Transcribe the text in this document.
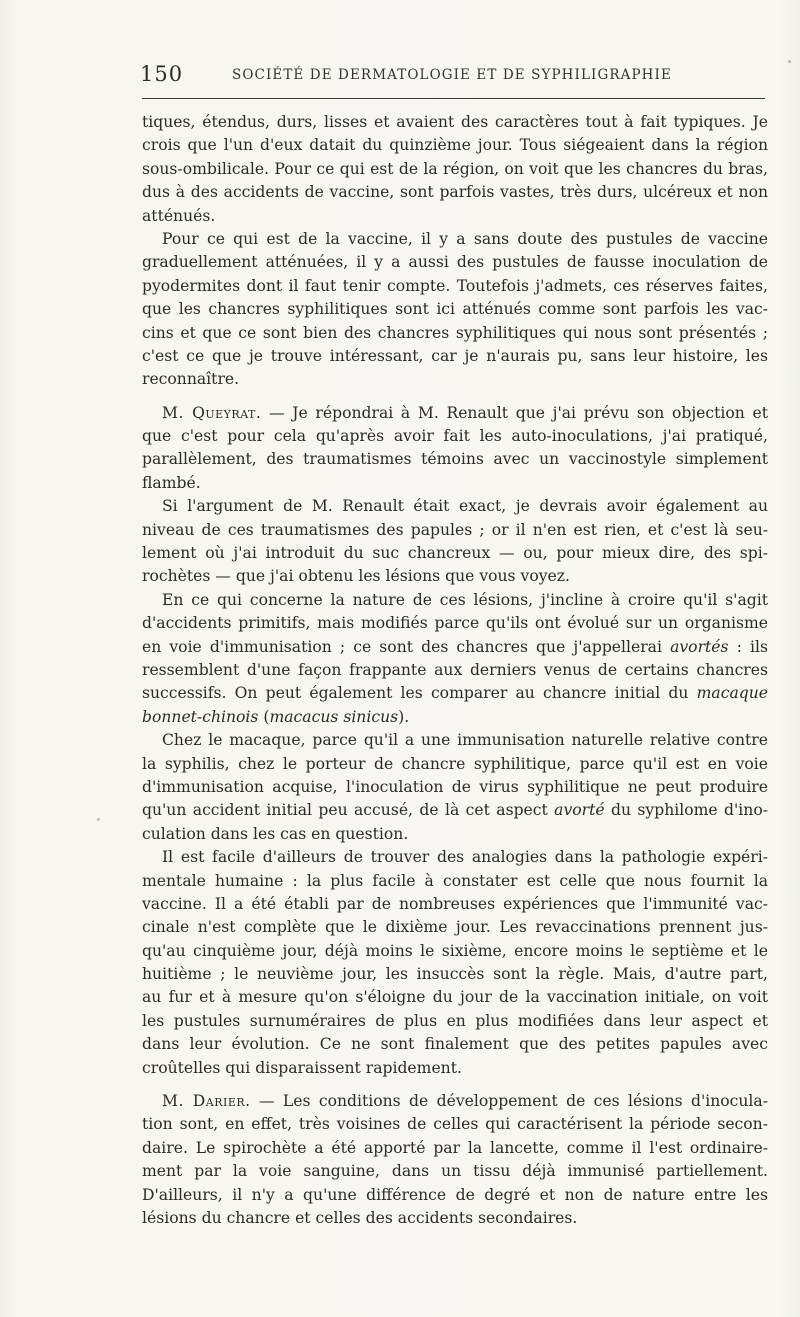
150	SOCIÉTÉ DE DERMATOLOGIE ET DE SYPHILIGRAPHIE
tiques, étendus, durs, lisses et avaient des caractères tout à fait typiques. Je
crois que l'un d'eux datait du quinzième jour. Tous siégeaient dans la région
sous-ombilicale. Pour ce qui est de la région, on voit que les chancres du bras,
dus à des accidents de vaccine, sont parfois vastes, très durs, ulcéreux et non
atténués.
Pour ce qui est de la vaccine, il y a sans doute des pustules de vaccine
graduellement atténuées, il y a aussi des pustules de fausse inoculation de
pyodermites dont il faut tenir compte. Toutefois j'admets, ces réserves faites,
que les chancres syphilitiques sont ici atténués comme sont parfois les vac-
cins et que ce sont bien des chancres syphilitiques qui nous sont présentés ;
c'est ce que je trouve intéressant, car je n'aurais pu, sans leur histoire, les
reconnaître.
M. Queyrat. — Je répondrai à M. Renault que j'ai prévu son objection et
que c'est pour cela qu'après avoir fait les auto-inoculations, j'ai pratiqué,
parallèlement, des traumatismes témoins avec un vaccinostyle simplement
flambé.
Si l'argument de M. Renault était exact, je devrais avoir également au
niveau de ces traumatismes des papules ; or il n'en est rien, et c'est là seu-
lement où j'ai introduit du suc chancreux — ou, pour mieux dire, des spi-
rochètes — que j'ai obtenu les lésions que vous voyez.
En ce qui concerne la nature de ces lésions, j'incline à croire qu'il s'agit
d'accidents primitifs, mais modifiés parce qu'ils ont évolué sur un organisme
en voie d'immunisation ; ce sont des chancres que j'appellerai avortés : ils
ressemblent d'une façon frappante aux derniers venus de certains chancres
successifs. On peut également les comparer au chancre initial du macaque
bonnet-chinois (macacus sinicus).
Chez le macaque, parce qu'il a une immunisation naturelle relative contre
la syphilis, chez le porteur de chancre syphilitique, parce qu'il est en voie
d'immunisation acquise, l'inoculation de virus syphilitique ne peut produire
qu'un accident initial peu accusé, de là cet aspect avorté du syphilome d'ino-
culation dans les cas en question.
Il est facile d'ailleurs de trouver des analogies dans la pathologie expéri-
mentale humaine : la plus facile à constater est celle que nous fournit la
vaccine. Il a été établi par de nombreuses expériences que l'immunité vac-
cinale n'est complète que le dixième jour. Les revaccinations prennent jus-
qu'au cinquième jour, déjà moins le sixième, encore moins le septième et le
huitième ; le neuvième jour, les insuccès sont la règle. Mais, d'autre part,
au fur et à mesure qu'on s'éloigne du jour de la vaccination initiale, on voit
les pustules surnuméraires de plus en plus modifiées dans leur aspect et
dans leur évolution. Ce ne sont finalement que des petites papules avec
croûtelles qui disparaissent rapidement.
M. Darier. — Les conditions de développement de ces lésions d'inocula-
tion sont, en effet, très voisines de celles qui caractérisent la période secon-
daire. Le spirochète a été apporté par la lancette, comme il l'est ordinaire-
ment par la voie sanguine, dans un tissu déjà immunisé partiellement.
D'ailleurs, il n'y a qu'une différence de degré et non de nature entre les
lésions du chancre et celles des accidents secondaires.
